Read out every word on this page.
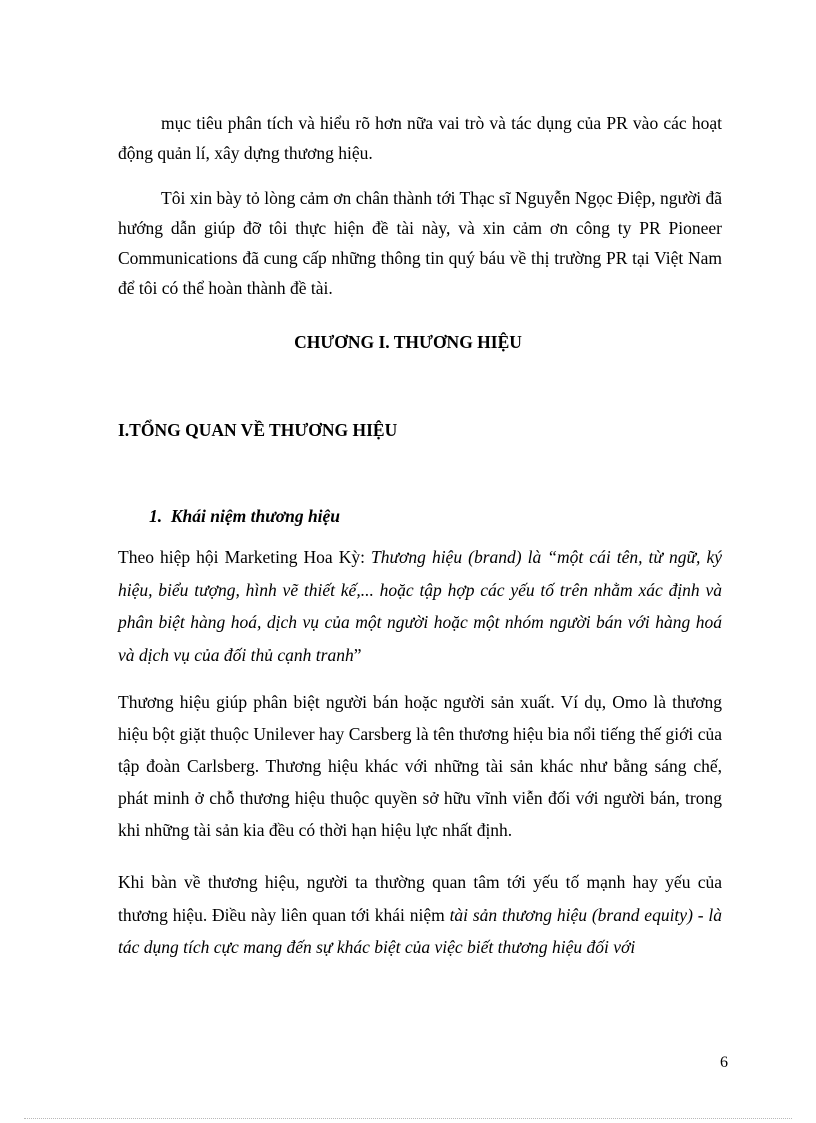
mục tiêu phân tích và hiểu rõ hơn nữa vai trò và tác dụng của PR vào các hoạt động quản lí, xây dựng thương hiệu.
Tôi xin bày tỏ lòng cảm ơn chân thành tới Thạc sĩ Nguyễn Ngọc Điệp, người đã hướng dẫn giúp đỡ tôi thực hiện đề tài này, và xin cảm ơn công ty PR Pioneer Communications đã cung cấp những thông tin quý báu về thị trường PR tại Việt Nam để tôi có thể hoàn thành đề tài.
CHƯƠNG I. THƯƠNG HIỆU
I.TỔNG QUAN VỀ THƯƠNG HIỆU
1. Khái niệm thương hiệu
Theo hiệp hội Marketing Hoa Kỳ: Thương hiệu (brand) là “một cái tên, từ ngữ, ký hiệu, biểu tượng, hình vẽ thiết kế,... hoặc tập hợp các yếu tố trên nhằm xác định và phân biệt hàng hoá, dịch vụ của một người hoặc một nhóm người bán với hàng hoá và dịch vụ của đối thủ cạnh tranh”
Thương hiệu giúp phân biệt người bán hoặc người sản xuất. Ví dụ, Omo là thương hiệu bột giặt thuộc Unilever hay Carsberg là tên thương hiệu bia nổi tiếng thế giới của tập đoàn Carlsberg. Thương hiệu khác với những tài sản khác như bằng sáng chế, phát minh ở chỗ thương hiệu thuộc quyền sở hữu vĩnh viễn đối với người bán, trong khi những tài sản kia đều có thời hạn hiệu lực nhất định.
Khi bàn về thương hiệu, người ta thường quan tâm tới yếu tố mạnh hay yếu của thương hiệu. Điều này liên quan tới khái niệm tài sản thương hiệu (brand equity) - là tác dụng tích cực mang đến sự khác biệt của việc biết thương hiệu đối với
6
